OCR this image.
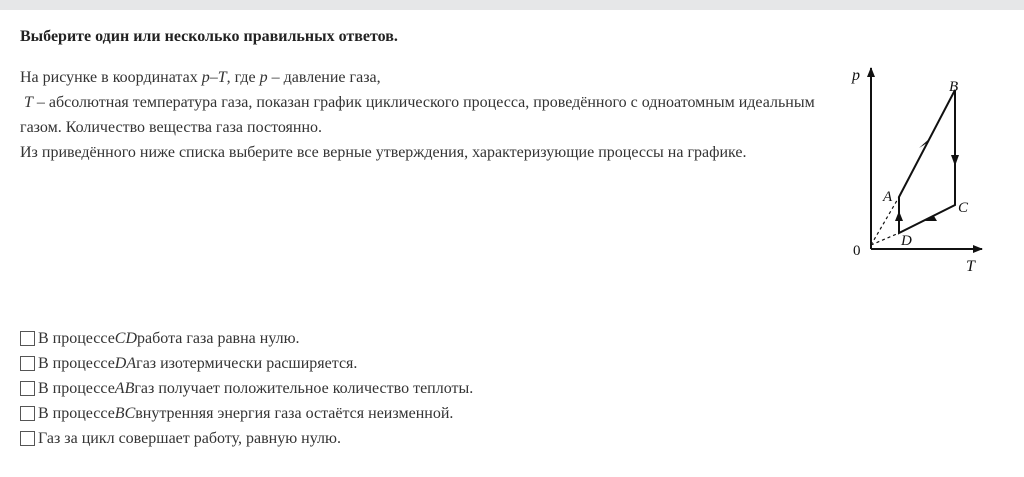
Выберите один или несколько правильных ответов.
На рисунке в координатах p–T, где p – давление газа,
T – абсолютная температура газа, показан график циклического процесса, проведённого с одноатомным идеальным газом. Количество вещества газа постоянно.
Из приведённого ниже списка выберите все верные утверждения, характеризующие процессы на графике.
p
T
0
A
B
C
D
В процессе CD работа газа равна нулю.
В процессе DA газ изотермически расширяется.
В процессе AB газ получает положительное количество теплоты.
В процессе BC внутренняя энергия газа остаётся неизменной.
Газ за цикл совершает работу, равную нулю.
